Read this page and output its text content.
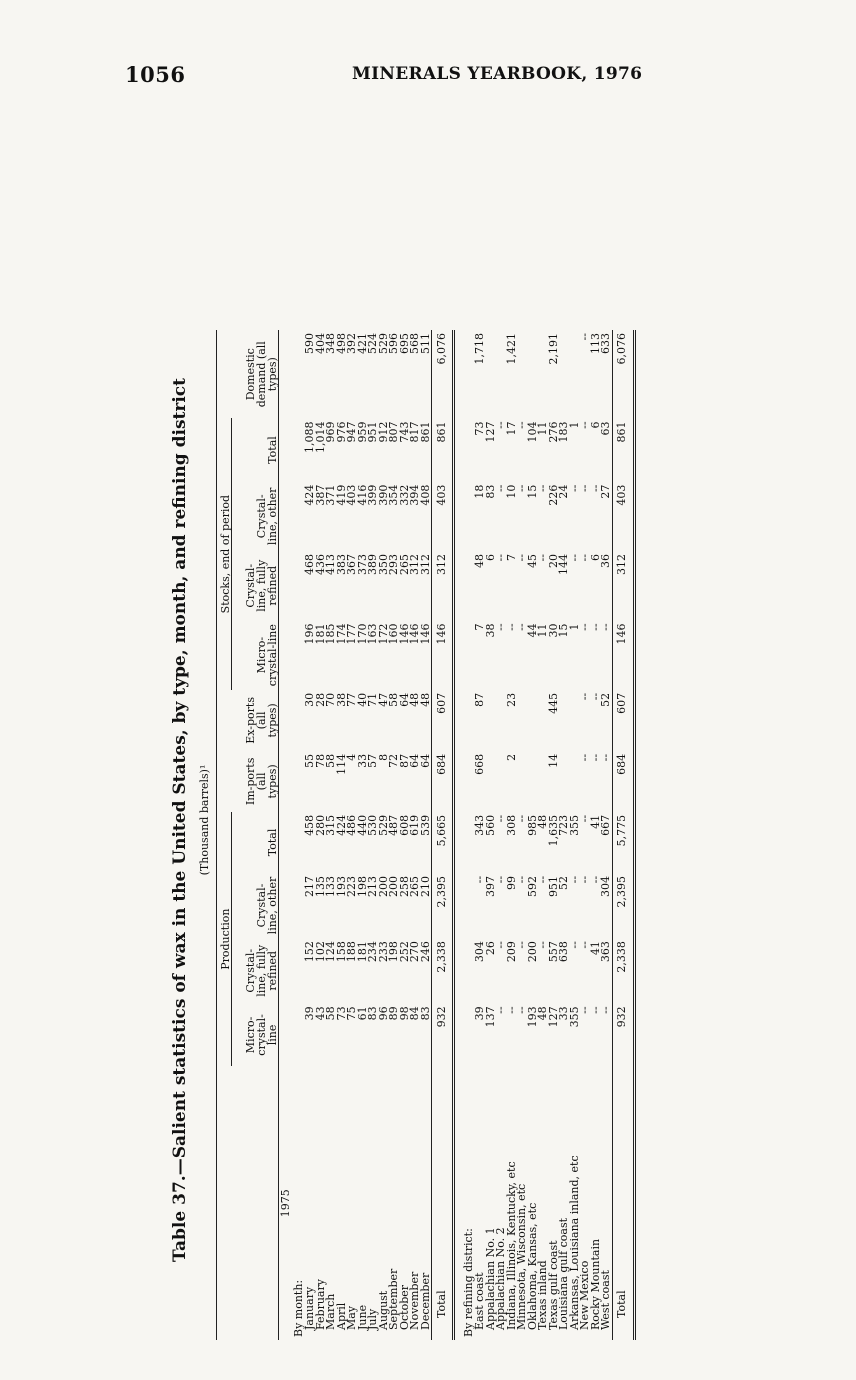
1056	MINERALS YEARBOOK, 1976
Table 37.—Salient statistics of wax in the United States, by type, month, and refining district (Thousand barrels)¹
	Production						Stocks, end of period				
	Micro-crystal-line	Crystal-line, fully refined	Crystal-line, other	Total	Im-ports (all types)	Ex-ports (all types)	Micro-crystal-line	Crystal-line, fully refined	Crystal-line, other	Total	Domestic demand (all types)
1975											
By month:											
January	39	152	217	458	55	30	196	468	424	1,088	590
February	43	102	135	280	78	28	181	436	387	1,014	404
March	58	124	133	315	58	70	185	413	371	969	348
April	73	158	193	424	114	38	174	383	419	976	498
May	75	188	223	486	4	77	177	367	403	947	392
June	61	181	198	440	33	40	170	373	416	959	421
July	83	234	213	530	57	71	163	389	399	951	524
August	96	233	200	529	8	47	172	350	390	912	529
September	89	198	200	487	72	58	160	293	354	807	596
October	98	252	258	608	87	64	146	265	332	743	695
November	84	270	265	619	64	48	146	312	394	817	568
December	83	246	210	539	64	48	146	312	408	861	511
Total	932	2,338	2,395	5,665	684	607	146	312	403	861	6,076

By refining district:											
East coast	39	304	--	343	668	87	7	48	18	73	1,718
Appalachian No. 1	137	26	397	560			38	6	83	127	
Appalachian No. 2	--	--	--	--			--	--	--	--	
Indiana, Illinois, Kentucky, etc	--	209	99	308	2	23	--	7	10	17	1,421
Minnesota, Wisconsin, etc	--	--	--	--			--	--	--	--	
Oklahoma, Kansas, etc	193	200	592	985			44	45	15	104	
Texas inland	48	--	--	48			11	--	--	11	
Texas gulf coast	127	557	951	1,635	14	445	30	20	226	276	2,191
Louisiana gulf coast	33	638	52	723			15	144	24	183	
Arkansas, Louisiana inland, etc	355	--	--	355			1	--	--	1	
New Mexico	--	--	--	--	--	--	--	--	--	--	--
Rocky Mountain	--	41	--	41	--	--	--	6	--	6	113
West coast	--	363	304	667	--	52	--	36	27	63	633
Total	932	2,338	2,395	5,775	684	607	146	312	403	861	6,076
